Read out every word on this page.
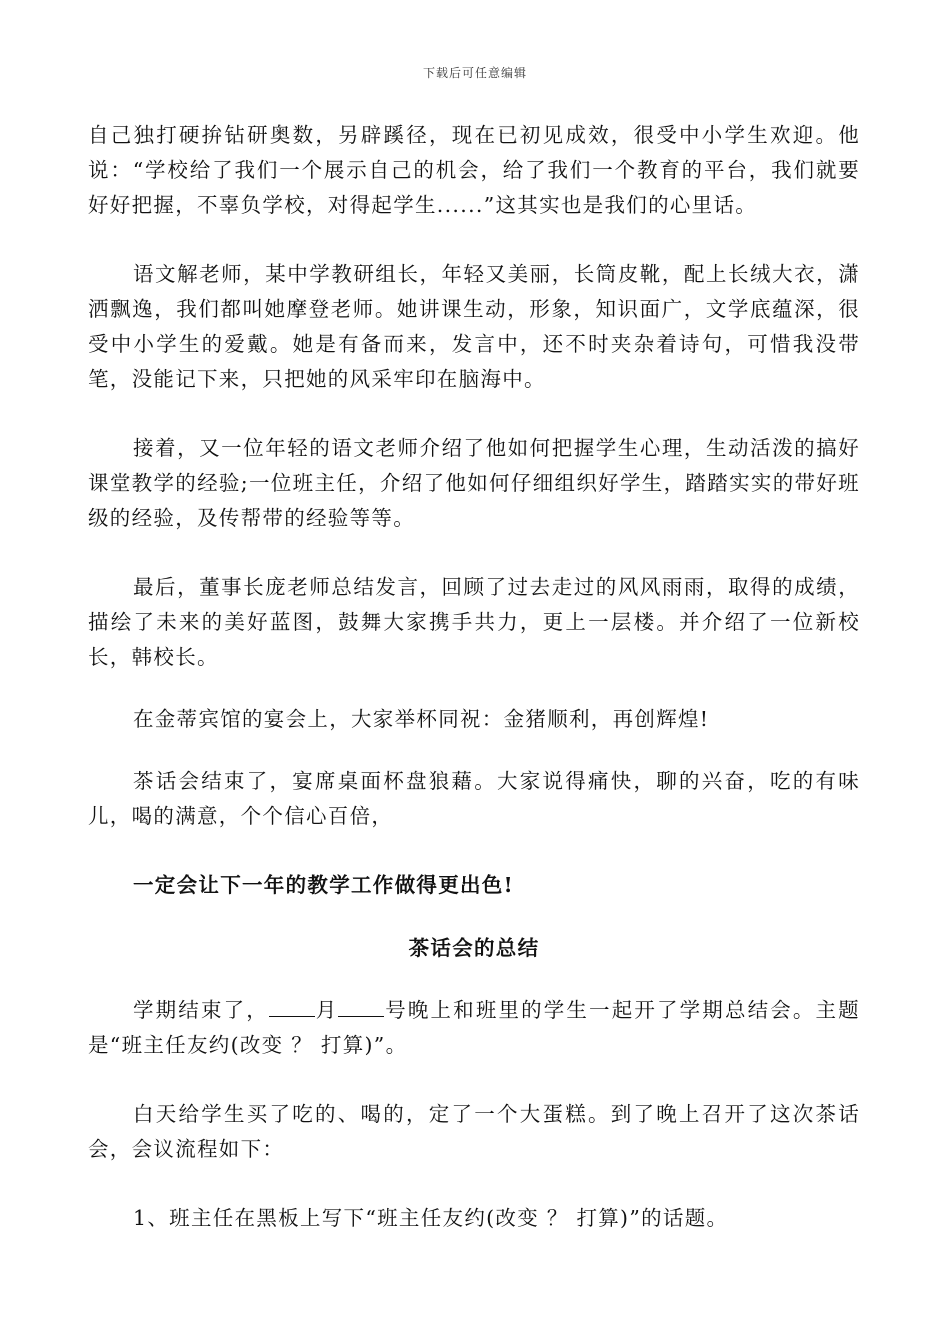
下载后可任意编辑

自己独打硬拚钻研奥数，另辟蹊径，现在已初见成效，很受中小学生欢迎。他说：“学校给了我们一个展示自己的机会，给了我们一个教育的平台，我们就要好好把握，不辜负学校，对得起学生......”这其实也是我们的心里话。

语文解老师，某中学教研组长，年轻又美丽，长筒皮靴，配上长绒大衣，潇洒飘逸，我们都叫她摩登老师。她讲课生动，形象，知识面广，文学底蕴深，很受中小学生的爱戴。她是有备而来，发言中，还不时夹杂着诗句，可惜我没带笔，没能记下来，只把她的风采牢印在脑海中。

接着，又一位年轻的语文老师介绍了他如何把握学生心理，生动活泼的搞好课堂教学的经验;一位班主任，介绍了他如何仔细组织好学生，踏踏实实的带好班级的经验，及传帮带的经验等等。

最后，董事长庞老师总结发言，回顾了过去走过的风风雨雨，取得的成绩，描绘了未来的美好蓝图，鼓舞大家携手共力，更上一层楼。并介绍了一位新校长，韩校长。

在金蒂宾馆的宴会上，大家举杯同祝：金猪顺利，再创辉煌!

茶话会结束了，宴席桌面杯盘狼藉。大家说得痛快，聊的兴奋，吃的有味儿，喝的满意，个个信心百倍，

一定会让下一年的教学工作做得更出色!

茶话会的总结

学期结束了， 月 号晚上和班里的学生一起开了学期总结会。主题是“班主任友约(改变 ？ 打算)”。

白天给学生买了吃的、喝的，定了一个大蛋糕。到了晚上召开了这次茶话会，会议流程如下：

1、班主任在黑板上写下“班主任友约(改变 ？ 打算)”的话题。
